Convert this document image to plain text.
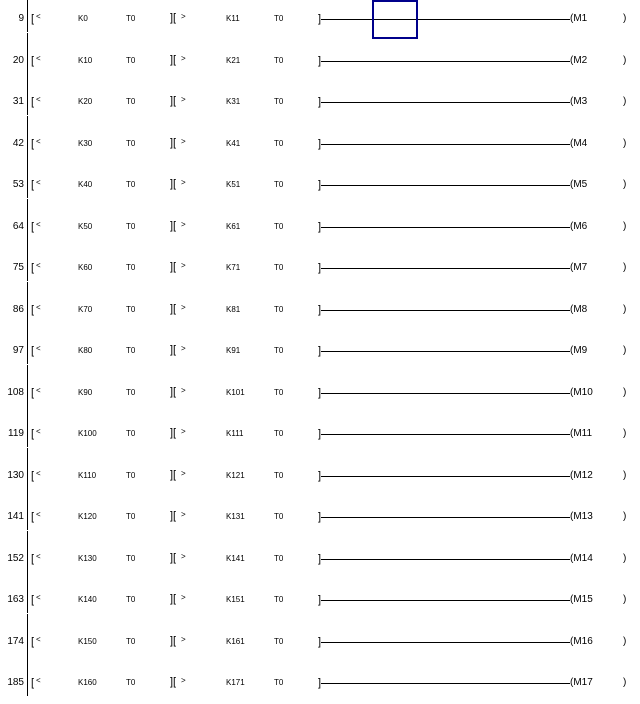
9 [ <	K0	T0	][ >	K11	T0	]	(M1	)
20 [ <	K10	T0	][ >	K21	T0	]	(M2	)
31 [ <	K20	T0	][ >	K31	T0	]	(M3	)
42 [ <	K30	T0	][ >	K41	T0	]	(M4	)
53 [ <	K40	T0	][ >	K51	T0	]	(M5	)
64 [ <	K50	T0	][ >	K61	T0	]	(M6	)
75 [ <	K60	T0	][ >	K71	T0	]	(M7	)
86 [ <	K70	T0	][ >	K81	T0	]	(M8	)
97 [ <	K80	T0	][ >	K91	T0	]	(M9	)
108 [ <	K90	T0	][ >	K101	T0	]	(M10	)
119 [ <	K100	T0	][ >	K111	T0	]	(M11	)
130 [ <	K110	T0	][ >	K121	T0	]	(M12	)
141 [ <	K120	T0	][ >	K131	T0	]	(M13	)
152 [ <	K130	T0	][ >	K141	T0	]	(M14	)
163 [ <	K140	T0	][ >	K151	T0	]	(M15	)
174 [ <	K150	T0	][ >	K161	T0	]	(M16	)
185 [ <	K160	T0	][ >	K171	T0	]	(M17	)
